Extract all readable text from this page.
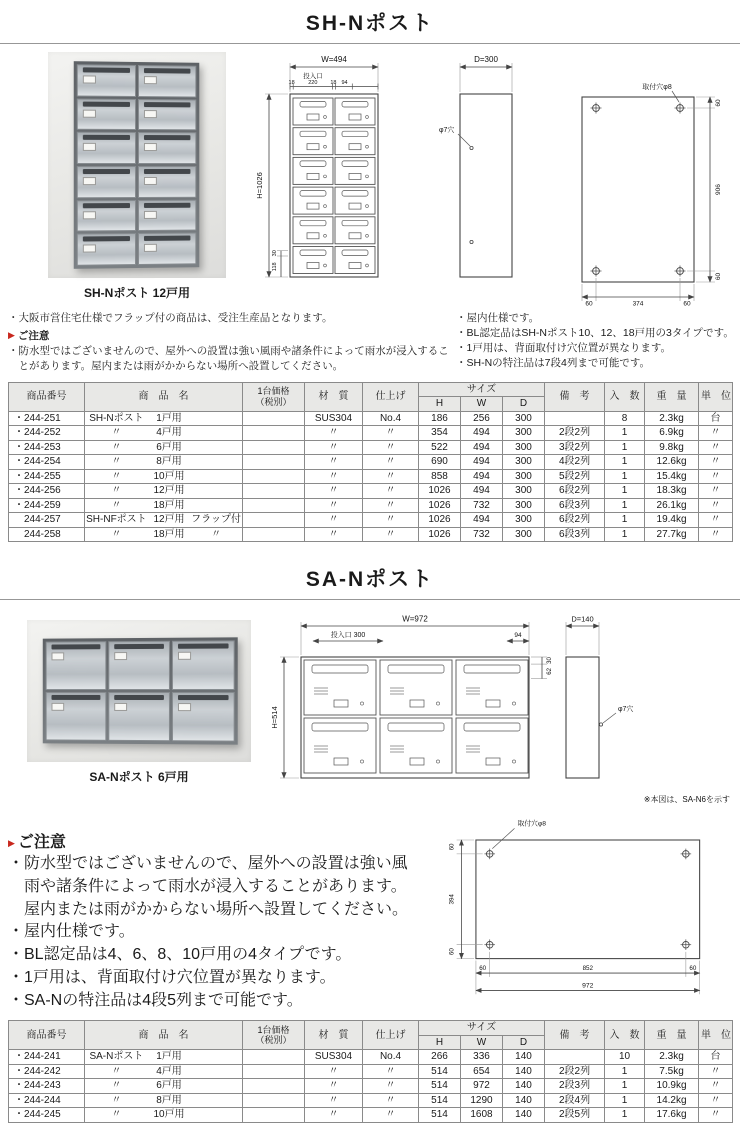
SH-Nポスト
SH-Nポスト 12戸用
W=494
投入口
18 220 18 94
H=1026
30
118
D=300
φ7穴
取付穴φ8
60
906
60
60	374	60
・大阪市営住宅仕様でフラップ付の商品は、受注生産品となります。
▶ ご注意
・防水型ではございませんので、屋外への設置は強い風雨や諸条件によって雨水が浸入することがあります。屋内または雨がかからない場所へ設置してください。
・屋内仕様です。
・BL認定品はSH-Nポスト10、12、18戸用の3タイプです。
・1戸用は、背面取付け穴位置が異なります。
・SH-Nの特注品は7段4列まで可能です。
商品番号	商　品　名	1台価格
（税別）	材　質	仕上げ	サイズ			備　考	入　数	重　量	単　位
					H	W	D				
・244-251	SH-Nポスト 1戸用		SUS304	No.4	186	256	300		8	2.3kg	台
・244-252	〃 4戸用		〃	〃	354	494	300	2段2列	1	6.9kg	〃
・244-253	〃 6戸用		〃	〃	522	494	300	3段2列	1	9.8kg	〃
・244-254	〃 8戸用		〃	〃	690	494	300	4段2列	1	12.6kg	〃
・244-255	〃 10戸用		〃	〃	858	494	300	5段2列	1	15.4kg	〃
・244-256	〃 12戸用		〃	〃	1026	494	300	6段2列	1	18.3kg	〃
・244-259	〃 18戸用		〃	〃	1026	732	300	6段3列	1	26.1kg	〃
　244-257	SH-NFポスト 12戸用 フラップ付		〃	〃	1026	494	300	6段2列	1	19.4kg	〃
　244-258	〃 18戸用 〃		〃	〃	1026	732	300	6段3列	1	27.7kg	〃
SA-Nポスト
SA-Nポスト 6戸用
W=972
投入口 300	94
30
62
H=514
D=140
φ7穴
※本図は、SA-N6を示す
▶ ご注意
・防水型ではございませんので、屋外への設置は強い風雨や諸条件によって雨水が浸入することがあります。屋内または雨がかからない場所へ設置してください。
・屋内仕様です。
・BL認定品は4、6、8、10戸用の4タイプです。
・1戸用は、背面取付け穴位置が異なります。
・SA-Nの特注品は4段5列まで可能です。
取付穴φ8
60
394
60
60	852	60
972
商品番号	商　品　名	1台価格
（税別）	材　質	仕上げ	サイズ			備　考	入　数	重　量	単　位
					H	W	D				
・244-241	SA-Nポスト 1戸用		SUS304	No.4	266	336	140		10	2.3kg	台
・244-242	〃 4戸用		〃	〃	514	654	140	2段2列	1	7.5kg	〃
・244-243	〃 6戸用		〃	〃	514	972	140	2段3列	1	10.9kg	〃
・244-244	〃 8戸用		〃	〃	514	1290	140	2段4列	1	14.2kg	〃
・244-245	〃 10戸用		〃	〃	514	1608	140	2段5列	1	17.6kg	〃
